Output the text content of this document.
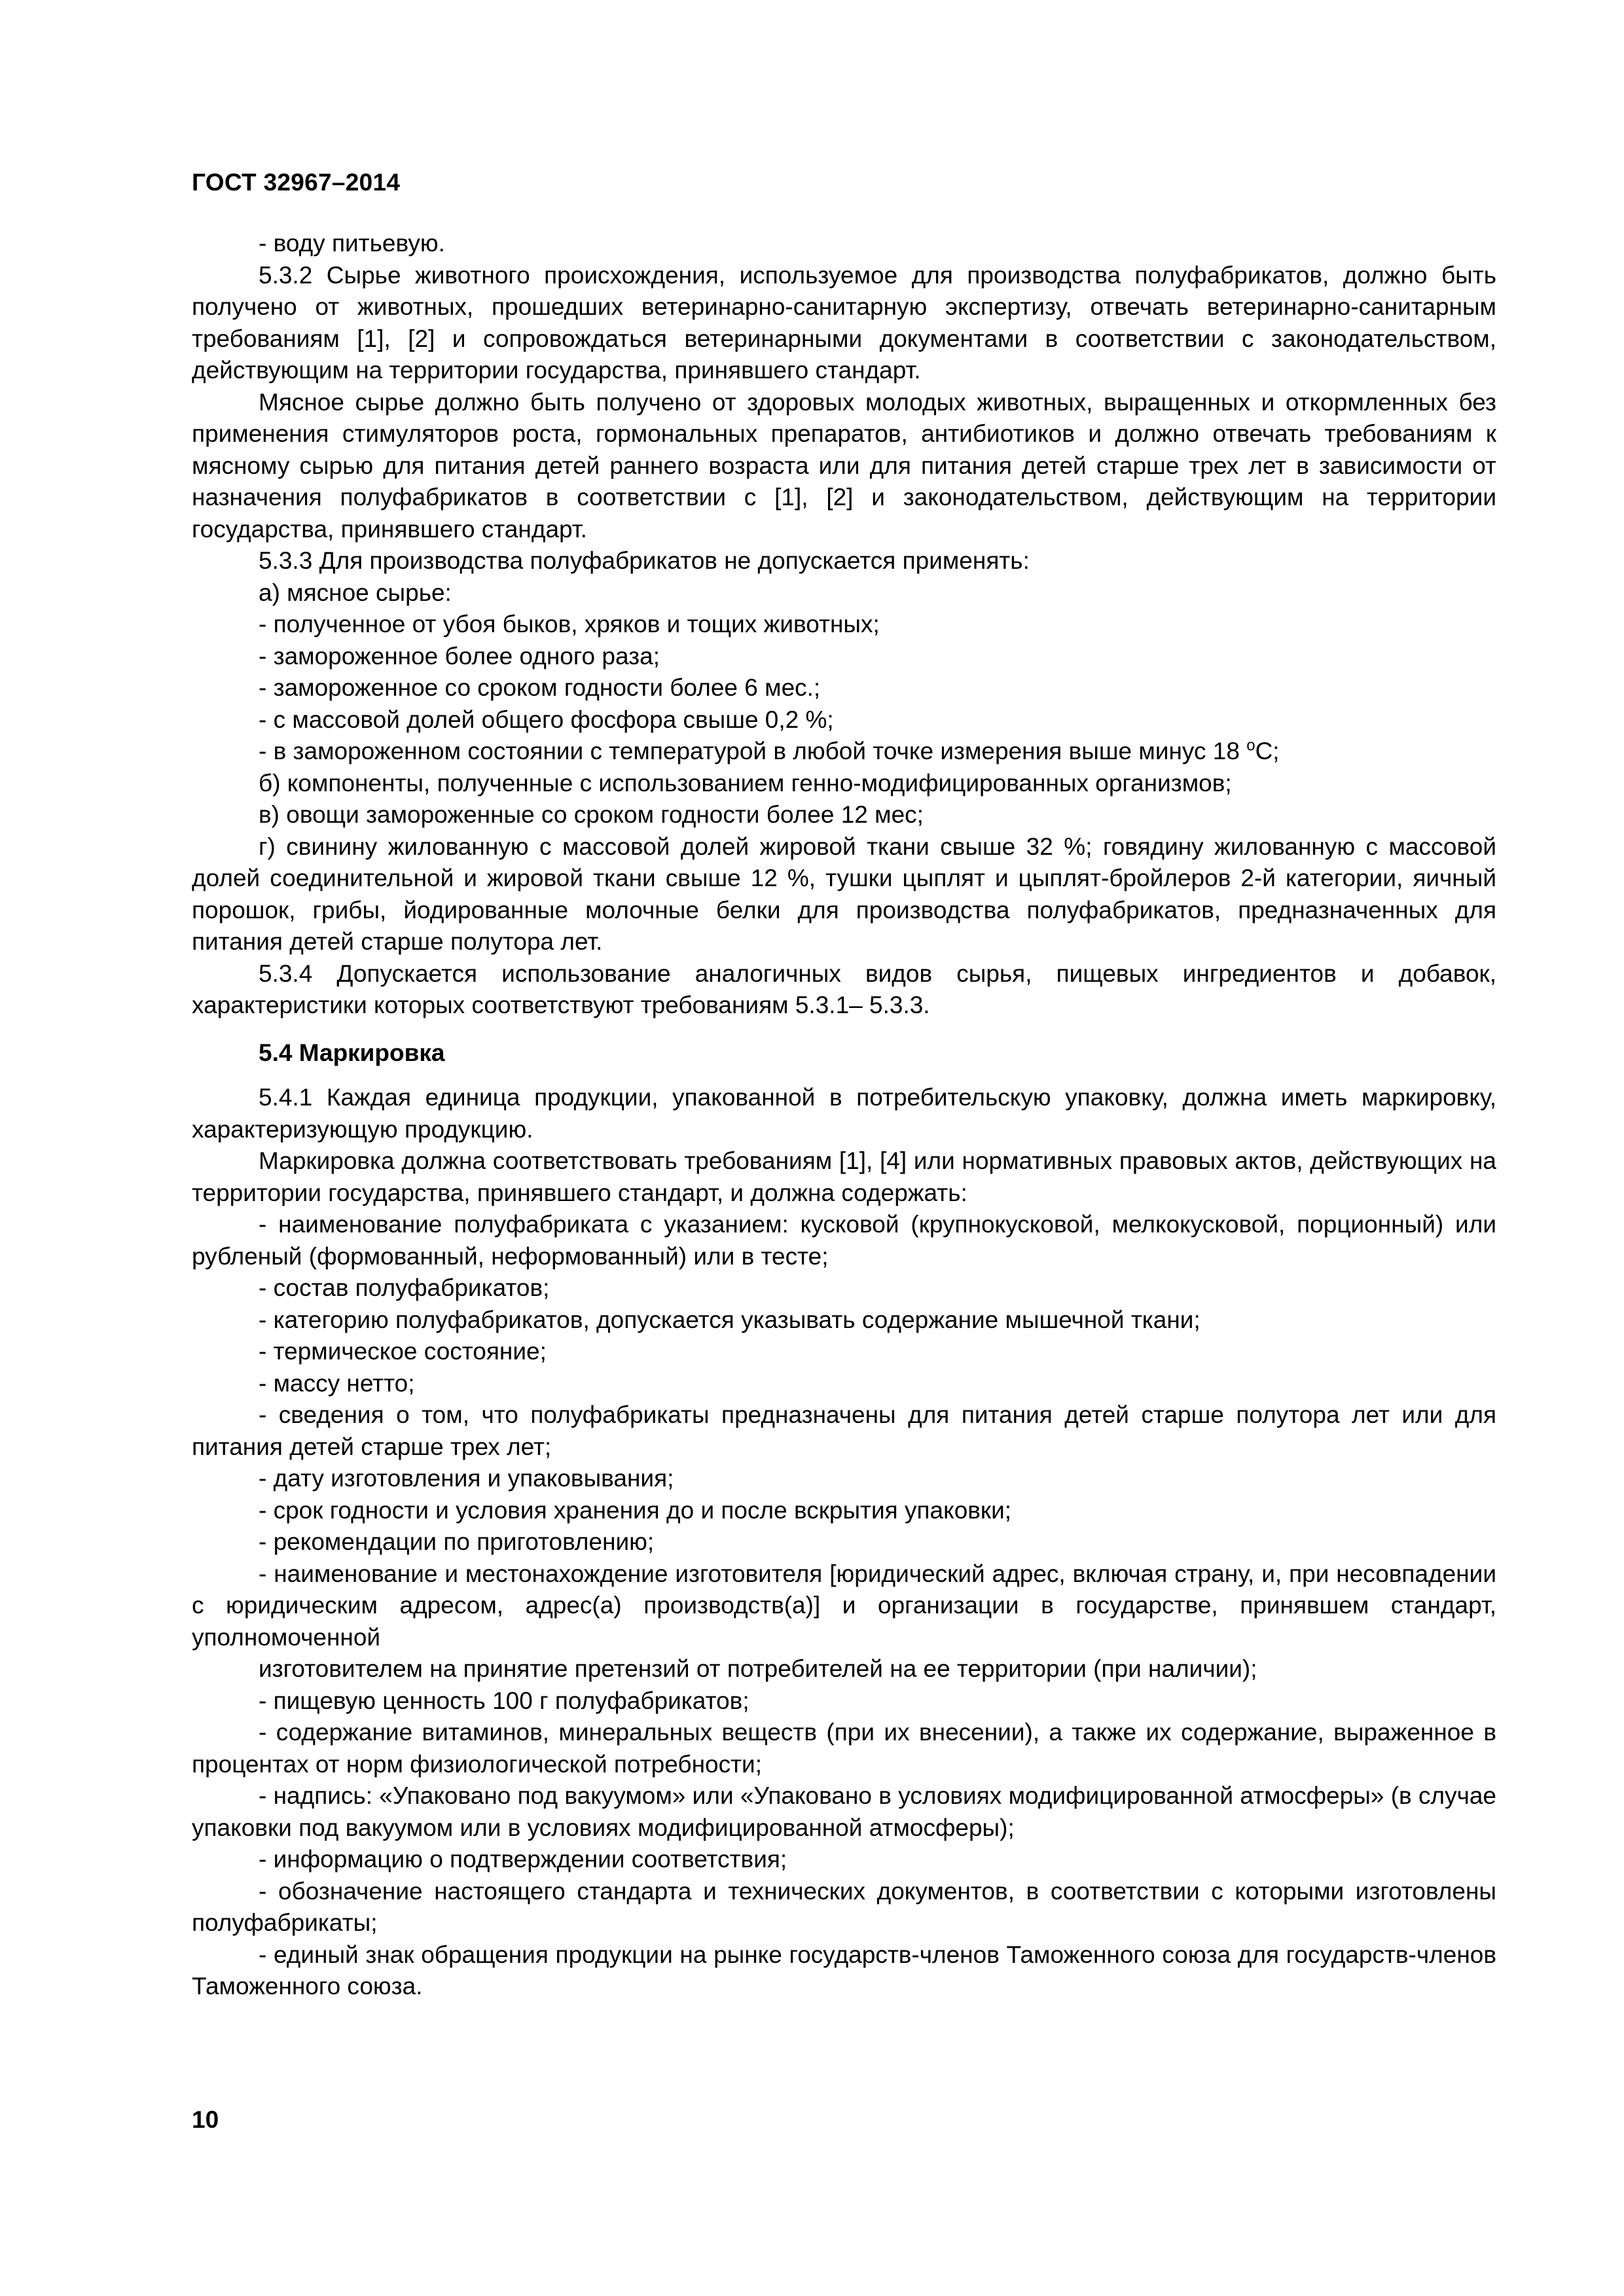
ГОСТ 32967–2014

- воду питьевую.

5.3.2 Сырье животного происхождения, используемое для производства полуфабрикатов, должно быть получено от животных, прошедших ветеринарно-санитарную экспертизу, отвечать ветеринарно-санитарным требованиям [1], [2] и сопровождаться ветеринарными документами в соответствии с законодательством, действующим на территории государства, принявшего стандарт.

Мясное сырье должно быть получено от здоровых молодых животных, выращенных и откормленных без применения стимуляторов роста, гормональных препаратов, антибиотиков и должно отвечать требованиям к мясному сырью для питания детей раннего возраста или для питания детей старше трех лет в зависимости от назначения полуфабрикатов в соответствии с [1], [2] и законодательством, действующим на территории государства, принявшего стандарт.

5.3.3 Для производства полуфабрикатов не допускается применять:

а) мясное сырье:

- полученное от убоя быков, хряков и тощих животных;

- замороженное более одного раза;

- замороженное со сроком годности более 6 мес.;

- с массовой долей общего фосфора свыше 0,2 %;

- в замороженном состоянии с температурой в любой точке измерения выше минус 18 $^о$С;

б) компоненты, полученные с использованием генно-модифицированных организмов;

в) овощи замороженные со сроком годности более 12 мес;

г) свинину жилованную с массовой долей жировой ткани свыше 32 %; говядину жилованную с массовой долей соединительной и жировой ткани свыше 12 %, тушки цыплят и цыплят-бройлеров 2-й категории, яичный порошок, грибы, йодированные молочные белки для производства полуфабрикатов, предназначенных для питания детей старше полутора лет.

5.3.4 Допускается использование аналогичных видов сырья, пищевых ингредиентов и добавок, характеристики которых соответствуют требованиям 5.3.1– 5.3.3.

5.4 Маркировка

5.4.1 Каждая единица продукции, упакованной в потребительскую упаковку, должна иметь маркировку, характеризующую продукцию.

Маркировка должна соответствовать требованиям [1], [4] или нормативных правовых актов, действующих на территории государства, принявшего стандарт, и должна содержать:

- наименование полуфабриката с указанием: кусковой (крупнокусковой, мелкокусковой, порционный) или рубленый (формованный, неформованный) или в тесте;

- состав полуфабрикатов;

- категорию полуфабрикатов, допускается указывать содержание мышечной ткани;

- термическое состояние;

- массу нетто;

- сведения о том, что полуфабрикаты предназначены для питания детей старше полутора лет или для питания детей старше трех лет;

- дату изготовления и упаковывания;

- срок годности и условия хранения до и после вскрытия упаковки;

- рекомендации по приготовлению;

- наименование и местонахождение изготовителя [юридический адрес, включая страну, и, при несовпадении с юридическим адресом, адрес(а) производств(а)] и организации в государстве, принявшем стандарт, уполномоченной

изготовителем на принятие претензий от потребителей на ее территории (при наличии);

- пищевую ценность 100 г полуфабрикатов;

- содержание витаминов, минеральных веществ (при их внесении), а также их содержание, выраженное в процентах от норм физиологической потребности;

- надпись: «Упаковано под вакуумом» или «Упаковано в условиях модифицированной атмосферы» (в случае упаковки под вакуумом или в условиях модифицированной атмосферы);

- информацию о подтверждении соответствия;

- обозначение настоящего стандарта и технических документов, в соответствии с которыми изготовлены полуфабрикаты;

- единый знак обращения продукции на рынке государств-членов Таможенного союза для государств-членов Таможенного союза.

10
